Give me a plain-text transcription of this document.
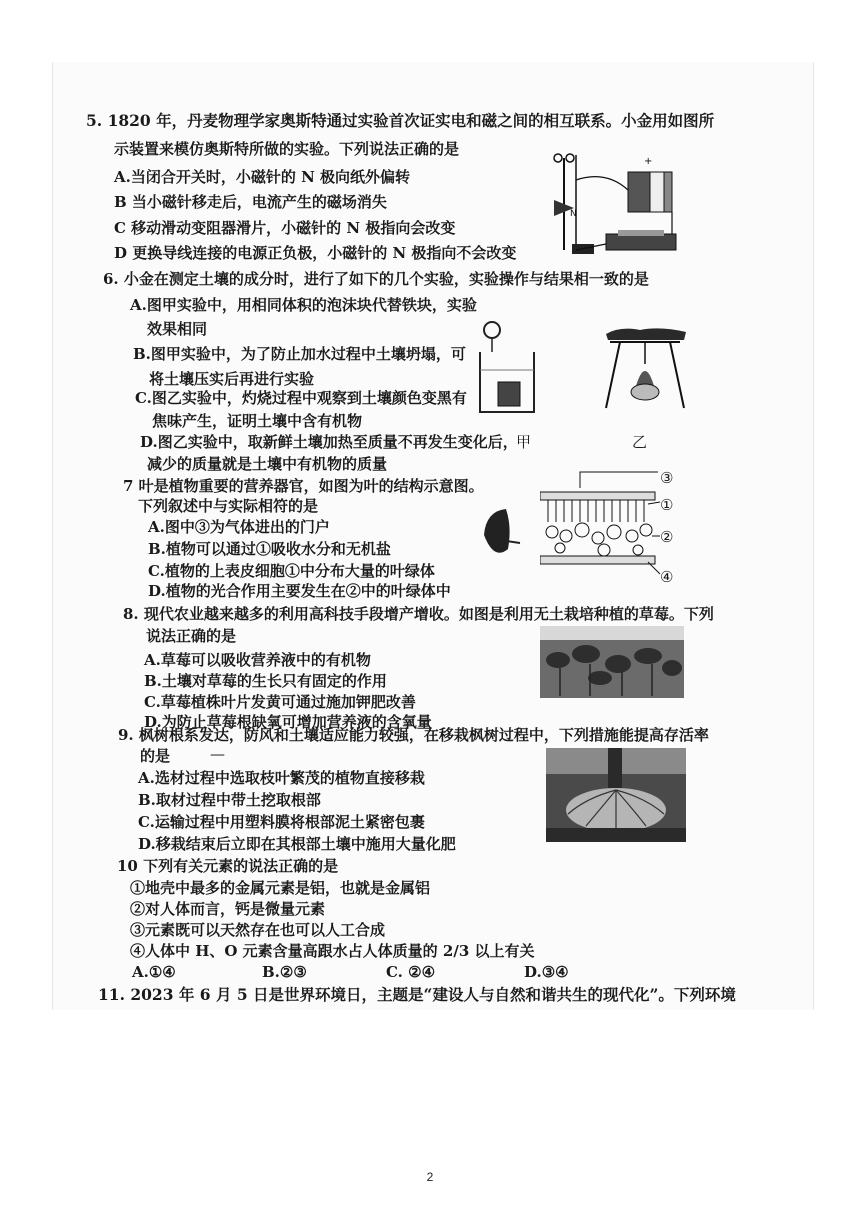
5. 1820 年，丹麦物理学家奥斯特通过实验首次证实电和磁之间的相互联系。小金用如图所
示装置来模仿奥斯特所做的实验。下列说法正确的是
A.当闭合开关时，小磁针的 N 极向纸外偏转
B 当小磁针移走后，电流产生的磁场消失
C 移动滑动变阻器滑片，小磁针的 N 极指向会改变
D 更换导线连接的电源正负极，小磁针的 N 极指向不会改变
N
+
6. 小金在测定土壤的成分时，进行了如下的几个实验，实验操作与结果相一致的是
A.图甲实验中，用相同体积的泡沫块代替铁块，实验
效果相同
B.图甲实验中，为了防止加水过程中土壤坍塌，可
将土壤压实后再进行实验
C.图乙实验中，灼烧过程中观察到土壤颜色变黑有
焦味产生，证明土壤中含有机物
D.图乙实验中，取新鲜土壤加热至质量不再发生变化后，
减少的质量就是土壤中有机物的质量
甲	乙
7 叶是植物重要的营养器官，如图为叶的结构示意图。
下列叙述中与实际相符的是
A.图中③为气体进出的门户
B.植物可以通过①吸收水分和无机盐
C.植物的上表皮细胞①中分布大量的叶绿体
D.植物的光合作用主要发生在②中的叶绿体中
③
①
②
④
8. 现代农业越来越多的利用高科技手段增产增收。如图是利用无土栽培种植的草莓。下列
说法正确的是
A.草莓可以吸收营养液中的有机物
B.土壤对草莓的生长只有固定的作用
C.草莓植株叶片发黄可通过施加钾肥改善
D.为防止草莓根缺氧可增加营养液的含氧量
9. 枫树根系发达，防风和土壤适应能力较强，在移栽枫树过程中，下列措施能提高存活率
的是	—
A.选材过程中选取枝叶繁茂的植物直接移栽
B.取材过程中带土挖取根部
C.运输过程中用塑料膜将根部泥土紧密包裹
D.移栽结束后立即在其根部土壤中施用大量化肥
10 下列有关元素的说法正确的是
①地壳中最多的金属元素是铝，也就是金属铝
②对人体而言，钙是微量元素
③元素既可以天然存在也可以人工合成
④人体中 H、O 元素含量高跟水占人体质量的 2/3 以上有关
A.①④	B.②③	C. ②④	D.③④
11. 2023 年 6 月 5 日是世界环境日，主题是“建设人与自然和谐共生的现代化”。下列环境
2
